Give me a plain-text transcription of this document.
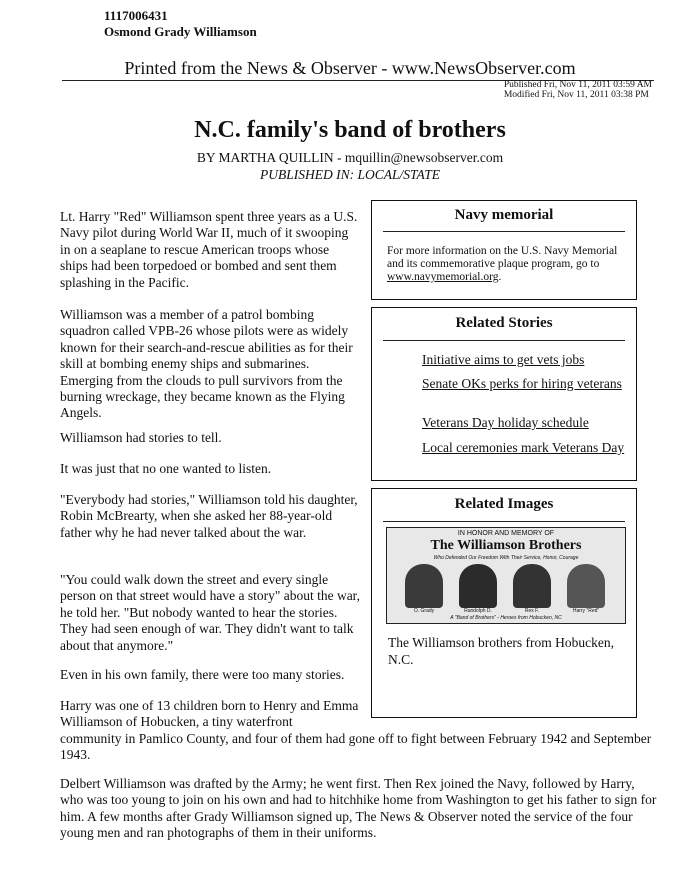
1117006431
Osmond Grady Williamson
Printed from the News & Observer - www.NewsObserver.com
Published Fri, Nov 11, 2011 03:59 AM
Modified Fri, Nov 11, 2011 03:38 PM
N.C. family's band of brothers
BY MARTHA QUILLIN - mquillin@newsobserver.com
PUBLISHED IN: LOCAL/STATE

Lt. Harry "Red" Williamson spent three years as a U.S. Navy pilot during World War II, much of it swooping in on a seaplane to rescue American troops whose ships had been torpedoed or bombed and sent them splashing in the Pacific.

Williamson was a member of a patrol bombing squadron called VPB-26 whose pilots were as widely known for their search-and-rescue abilities as for their skill at bombing enemy ships and submarines. Emerging from the clouds to pull survivors from the burning wreckage, they became known as the Flying Angels.

Williamson had stories to tell.

It was just that no one wanted to listen.

"Everybody had stories," Williamson told his daughter, Robin McBrearty, when she asked her 88-year-old father why he had never talked about the war.

"You could walk down the street and every single person on that street would have a story" about the war, he told her. "But nobody wanted to hear the stories. They had seen enough of war. They didn't want to talk about that anymore."

Even in his own family, there were too many stories.

Harry was one of 13 children born to Henry and Emma Williamson of Hobucken, a tiny waterfront

community in Pamlico County, and four of them had gone off to fight between February 1942 and September 1943.

Delbert Williamson was drafted by the Army; he went first. Then Rex joined the Navy, followed by Harry, who was too young to join on his own and had to hitchhike home from Washington to get his father to sign for him. A few months after Grady Williamson signed up, The News & Observer noted the service of the four young men and ran photographs of them in their uniforms.

Navy memorial
For more information on the U.S. Navy Memorial and its commemorative plaque program, go to www.navymemorial.org.
Related Stories
Initiative aims to get vets jobs
Senate OKs perks for hiring veterans
Veterans Day holiday schedule
Local ceremonies mark Veterans Day
Related Images
IN HONOR AND MEMORY OF
The Williamson Brothers
Who Defended Our Freedom With Their Service, Honor, Courage
O. Grady	Randolph D.	Rex F.	Harry "Red"
A "Band of Brothers" - Heroes from Hobucken, NC
The Williamson brothers from Hobucken, N.C.
